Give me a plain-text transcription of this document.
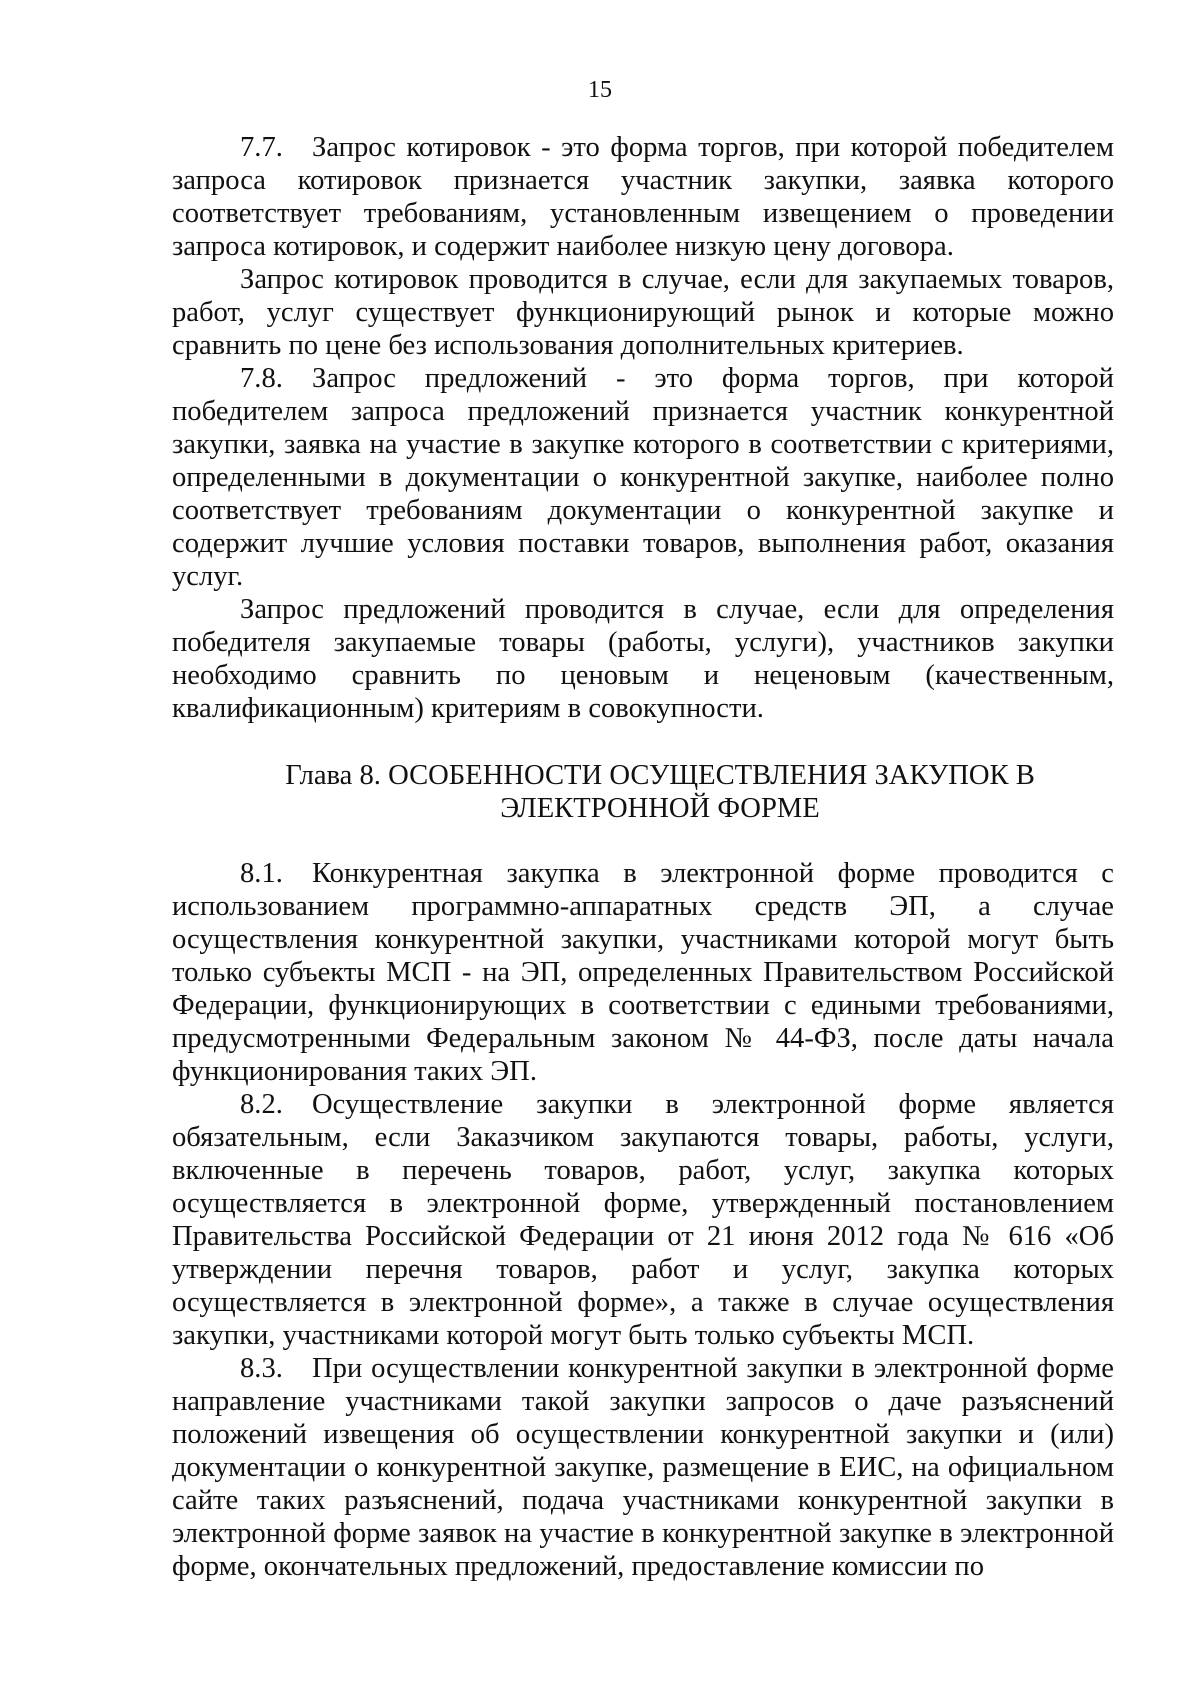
15

7.7. Запрос котировок - это форма торгов, при которой победителем запроса котировок признается участник закупки, заявка которого соответствует требованиям, установленным извещением о проведении запроса котировок, и содержит наиболее низкую цену договора.

Запрос котировок проводится в случае, если для закупаемых товаров, работ, услуг существует функционирующий рынок и которые можно сравнить по цене без использования дополнительных критериев.

7.8. Запрос предложений - это форма торгов, при которой победителем запроса предложений признается участник конкурентной закупки, заявка на участие в закупке которого в соответствии с критериями, определенными в документации о конкурентной закупке, наиболее полно соответствует требованиям документации о конкурентной закупке и содержит лучшие условия поставки товаров, выполнения работ, оказания услуг.

Запрос предложений проводится в случае, если для определения победителя закупаемые товары (работы, услуги), участников закупки необходимо сравнить по ценовым и неценовым (качественным, квалификационным) критериям в совокупности.

Глава 8. ОСОБЕННОСТИ ОСУЩЕСТВЛЕНИЯ ЗАКУПОК В
ЭЛЕКТРОННОЙ ФОРМЕ

8.1. Конкурентная закупка в электронной форме проводится с использованием программно-аппаратных средств ЭП, а случае осуществления конкурентной закупки, участниками которой могут быть только субъекты МСП - на ЭП, определенных Правительством Российской Федерации, функционирующих в соответствии с едиными требованиями, предусмотренными Федеральным законом № 44-ФЗ, после даты начала функционирования таких ЭП.

8.2. Осуществление закупки в электронной форме является обязательным, если Заказчиком закупаются товары, работы, услуги, включенные в перечень товаров, работ, услуг, закупка которых осуществляется в электронной форме, утвержденный постановлением Правительства Российской Федерации от 21 июня 2012 года № 616 «Об утверждении перечня товаров, работ и услуг, закупка которых осуществляется в электронной форме», а также в случае осуществления закупки, участниками которой могут быть только субъекты МСП.

8.3. При осуществлении конкурентной закупки в электронной форме направление участниками такой закупки запросов о даче разъяснений положений извещения об осуществлении конкурентной закупки и (или) документации о конкурентной закупке, размещение в ЕИС, на официальном сайте таких разъяснений, подача участниками конкурентной закупки в электронной форме заявок на участие в конкурентной закупке в электронной форме, окончательных предложений, предоставление комиссии по
